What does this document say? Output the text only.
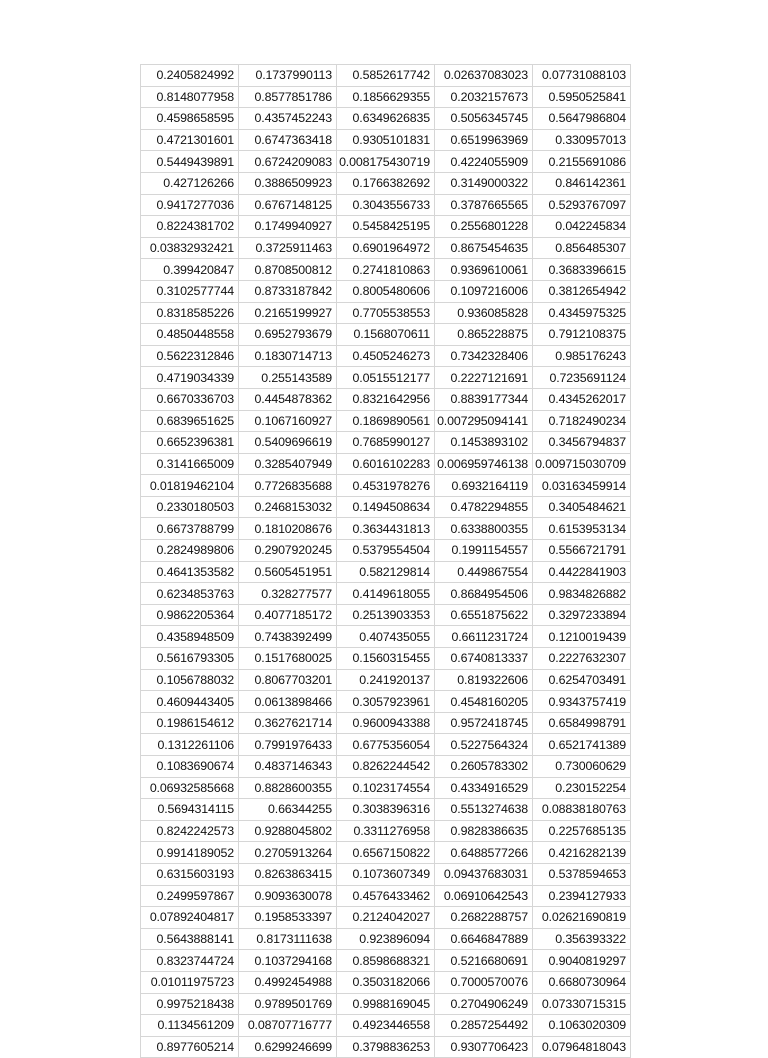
0.2405824992	0.1737990113	0.5852617742	0.02637083023	0.07731088103
0.8148077958	0.8577851786	0.1856629355	0.2032157673	0.5950525841
0.4598658595	0.4357452243	0.6349626835	0.5056345745	0.5647986804
0.4721301601	0.6747363418	0.9305101831	0.6519963969	0.330957013
0.5449439891	0.6724209083	0.008175430719	0.4224055909	0.2155691086
0.427126266	0.3886509923	0.1766382692	0.3149000322	0.846142361
0.9417277036	0.6767148125	0.3043556733	0.3787665565	0.5293767097
0.8224381702	0.1749940927	0.5458425195	0.2556801228	0.042245834
0.03832932421	0.3725911463	0.6901964972	0.8675454635	0.856485307
0.399420847	0.8708500812	0.2741810863	0.9369610061	0.3683396615
0.3102577744	0.8733187842	0.8005480606	0.1097216006	0.3812654942
0.8318585226	0.2165199927	0.7705538553	0.936085828	0.4345975325
0.4850448558	0.6952793679	0.1568070611	0.865228875	0.7912108375
0.5622312846	0.1830714713	0.4505246273	0.7342328406	0.985176243
0.4719034339	0.255143589	0.0515512177	0.2227121691	0.7235691124
0.6670336703	0.4454878362	0.8321642956	0.8839177344	0.4345262017
0.6839651625	0.1067160927	0.1869890561	0.007295094141	0.7182490234
0.6652396381	0.5409696619	0.7685990127	0.1453893102	0.3456794837
0.3141665009	0.3285407949	0.6016102283	0.006959746138	0.009715030709
0.01819462104	0.7726835688	0.4531978276	0.6932164119	0.03163459914
0.2330180503	0.2468153032	0.1494508634	0.4782294855	0.3405484621
0.6673788799	0.1810208676	0.3634431813	0.6338800355	0.6153953134
0.2824989806	0.2907920245	0.5379554504	0.1991154557	0.5566721791
0.4641353582	0.5605451951	0.582129814	0.449867554	0.4422841903
0.6234853763	0.328277577	0.4149618055	0.8684954506	0.9834826882
0.9862205364	0.4077185172	0.2513903353	0.6551875622	0.3297233894
0.4358948509	0.7438392499	0.407435055	0.6611231724	0.1210019439
0.5616793305	0.1517680025	0.1560315455	0.6740813337	0.2227632307
0.1056788032	0.8067703201	0.241920137	0.819322606	0.6254703491
0.4609443405	0.0613898466	0.3057923961	0.4548160205	0.9343757419
0.1986154612	0.3627621714	0.9600943388	0.9572418745	0.6584998791
0.1312261106	0.7991976433	0.6775356054	0.5227564324	0.6521741389
0.1083690674	0.4837146343	0.8262244542	0.2605783302	0.730060629
0.06932585668	0.8828600355	0.1023174554	0.4334916529	0.230152254
0.5694314115	0.66344255	0.3038396316	0.5513274638	0.08838180763
0.8242242573	0.9288045802	0.3311276958	0.9828386635	0.2257685135
0.9914189052	0.2705913264	0.6567150822	0.6488577266	0.4216282139
0.6315603193	0.8263863415	0.1073607349	0.09437683031	0.5378594653
0.2499597867	0.9093630078	0.4576433462	0.06910642543	0.2394127933
0.07892404817	0.1958533397	0.2124042027	0.2682288757	0.02621690819
0.5643888141	0.8173111638	0.923896094	0.6646847889	0.356393322
0.8323744724	0.1037294168	0.8598688321	0.5216680691	0.9040819297
0.01011975723	0.4992454988	0.3503182066	0.7000570076	0.6680730964
0.9975218438	0.9789501769	0.9988169045	0.2704906249	0.07330715315
0.1134561209	0.08707716777	0.4923446558	0.2857254492	0.1063020309
0.8977605214	0.6299246699	0.3798836253	0.9307706423	0.07964818043
